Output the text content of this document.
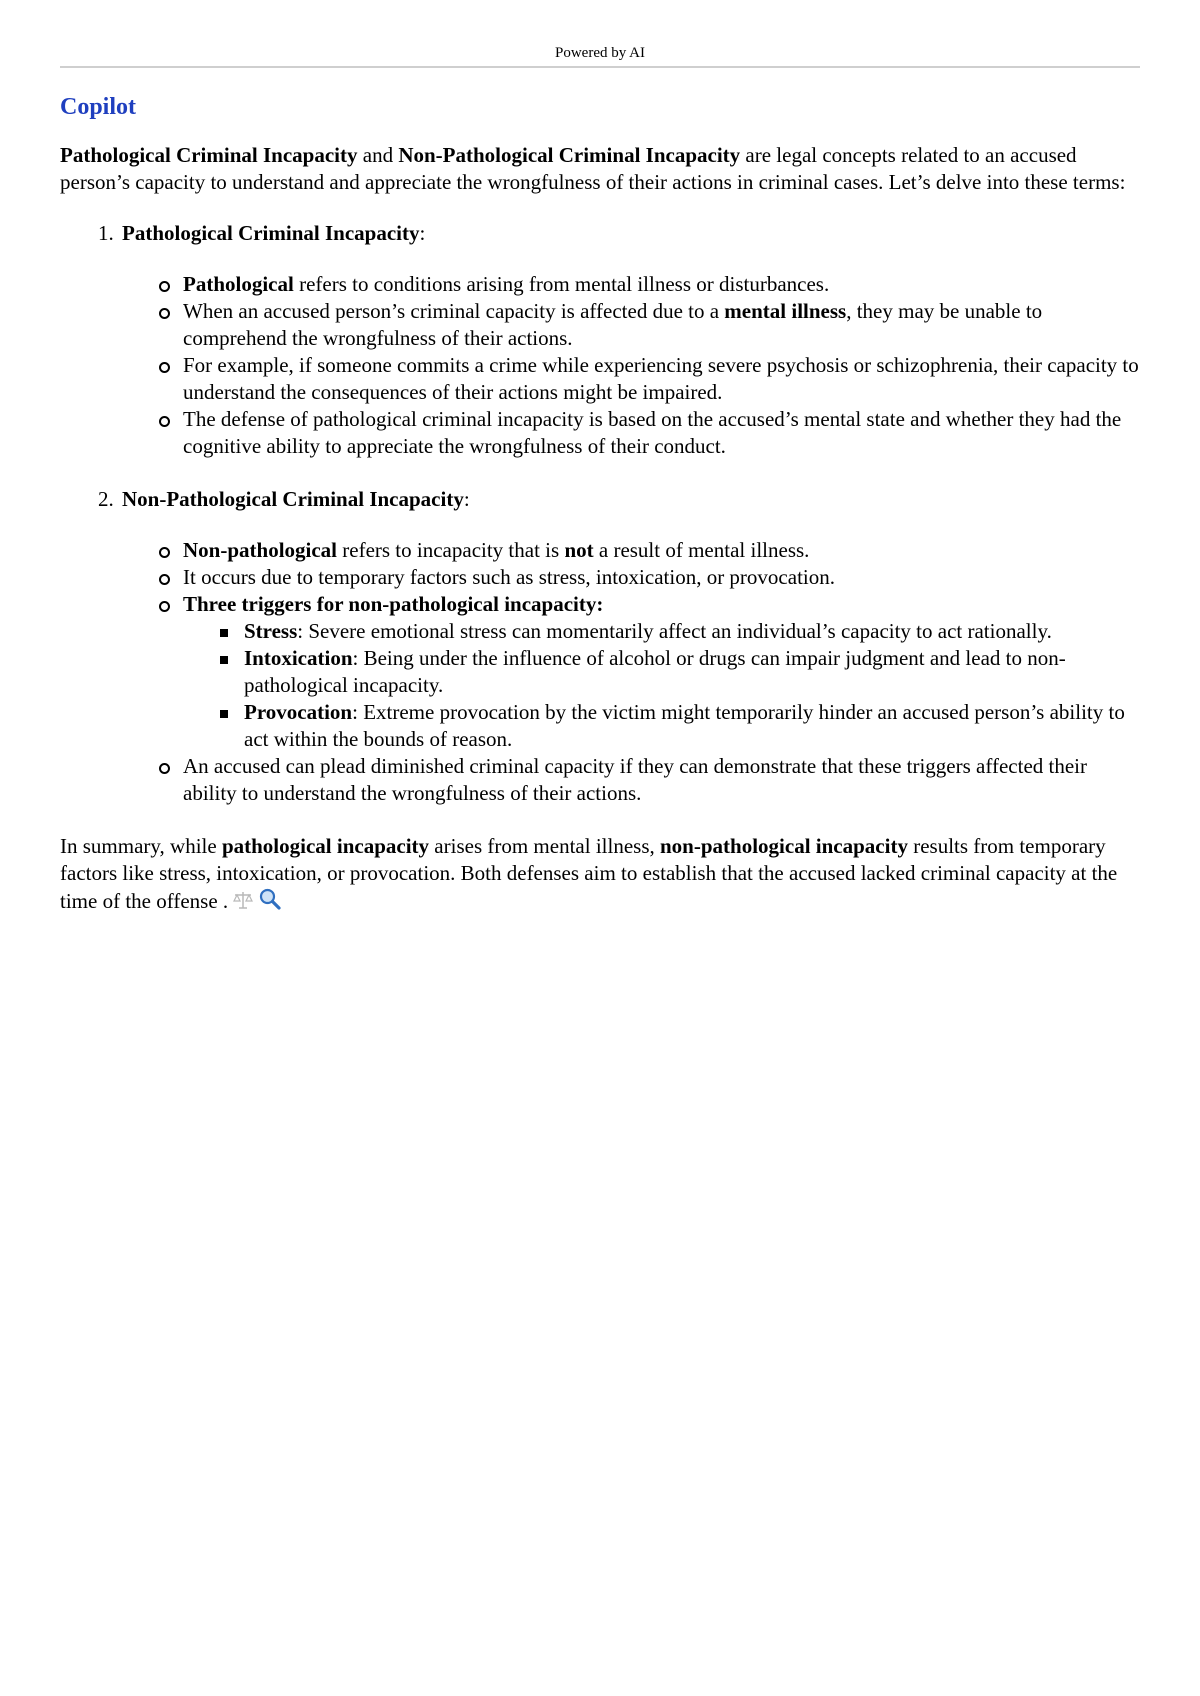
Powered by AI
Copilot

Pathological Criminal Incapacity and Non-Pathological Criminal Incapacity are legal concepts related to an accused person’s capacity to understand and appreciate the wrongfulness of their actions in criminal cases. Let’s delve into these terms:

1. Pathological Criminal Incapacity:
Pathological refers to conditions arising from mental illness or disturbances.
When an accused person’s criminal capacity is affected due to a mental illness, they may be unable to comprehend the wrongfulness of their actions.
For example, if someone commits a crime while experiencing severe psychosis or schizophrenia, their capacity to understand the consequences of their actions might be impaired.
The defense of pathological criminal incapacity is based on the accused’s mental state and whether they had the cognitive ability to appreciate the wrongfulness of their conduct.
2. Non-Pathological Criminal Incapacity:
Non-pathological refers to incapacity that is not a result of mental illness.
It occurs due to temporary factors such as stress, intoxication, or provocation.
Three triggers for non-pathological incapacity:
Stress: Severe emotional stress can momentarily affect an individual’s capacity to act rationally.
Intoxication: Being under the influence of alcohol or drugs can impair judgment and lead to non-pathological incapacity.
Provocation: Extreme provocation by the victim might temporarily hinder an accused person’s ability to act within the bounds of reason.
An accused can plead diminished criminal capacity if they can demonstrate that these triggers affected their ability to understand the wrongfulness of their actions.

In summary, while pathological incapacity arises from mental illness, non-pathological incapacity results from temporary factors like stress, intoxication, or provocation. Both defenses aim to establish that the accused lacked criminal capacity at the time of the offense .
